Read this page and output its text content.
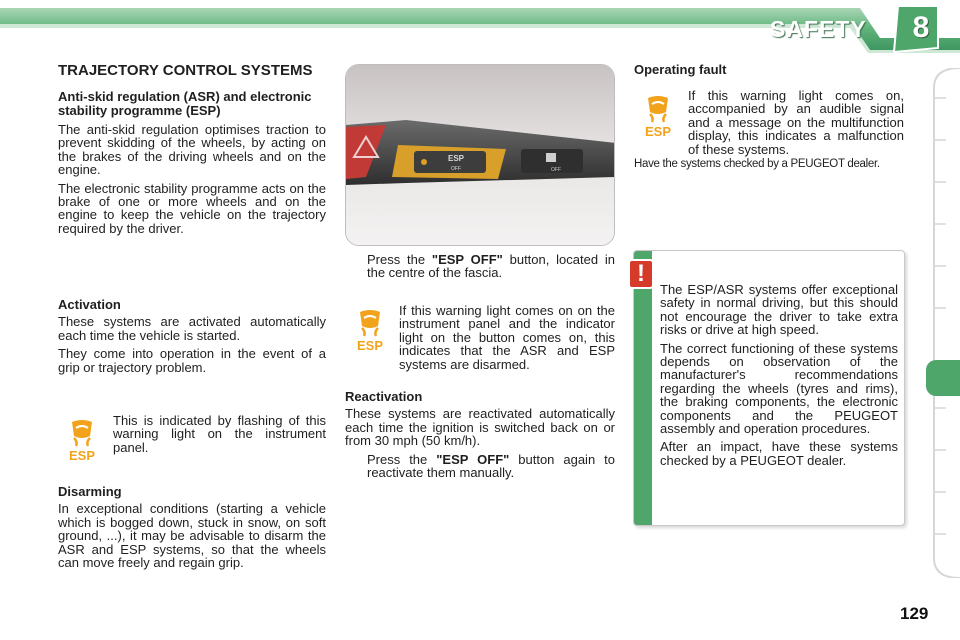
SAFETY 8
TRAJECTORY CONTROL SYSTEMS
Anti-skid regulation (ASR) and electronic stability programme (ESP)

The anti-skid regulation optimises traction to prevent skidding of the wheels, by acting on the brakes of the driving wheels and on the engine.

The electronic stability programme acts on the brake of one or more wheels and on the engine to keep the vehicle on the trajectory required by the driver.

Activation

These systems are activated automatically each time the vehicle is started.

They come into operation in the event of a grip or trajectory problem.

ESP

This is indicated by flashing of this warning light on the instrument panel.

Disarming

In exceptional conditions (starting a vehicle which is bogged down, stuck in snow, on soft ground, ...), it may be advisable to disarm the ASR and ESP systems, so that the wheels can move freely and regain grip.

ESP
OFF	OFF
Press the "ESP OFF" button, located in the centre of the fascia.
ESP

If this warning light comes on on the instrument panel and the indicator light on the button comes on, this indicates that the ASR and ESP systems are disarmed.

Reactivation

These systems are reactivated automatically each time the ignition is switched back on or from 30 mph (50 km/h).

Press the "ESP OFF" button again to reactivate them manually.
Operating fault
ESP

If this warning light comes on, accompanied by an audible signal and a message on the multifunction display, this indicates a malfunction of these systems.

Have the systems checked by a PEUGEOT dealer.

!

The ESP/ASR systems offer exceptional safety in normal driving, but this should not encourage the driver to take extra risks or drive at high speed.

The correct functioning of these systems depends on observation of the manufacturer's recommendations regarding the wheels (tyres and rims), the braking components, the electronic components and the PEUGEOT assembly and operation procedures.

After an impact, have these systems checked by a PEUGEOT dealer.

129
